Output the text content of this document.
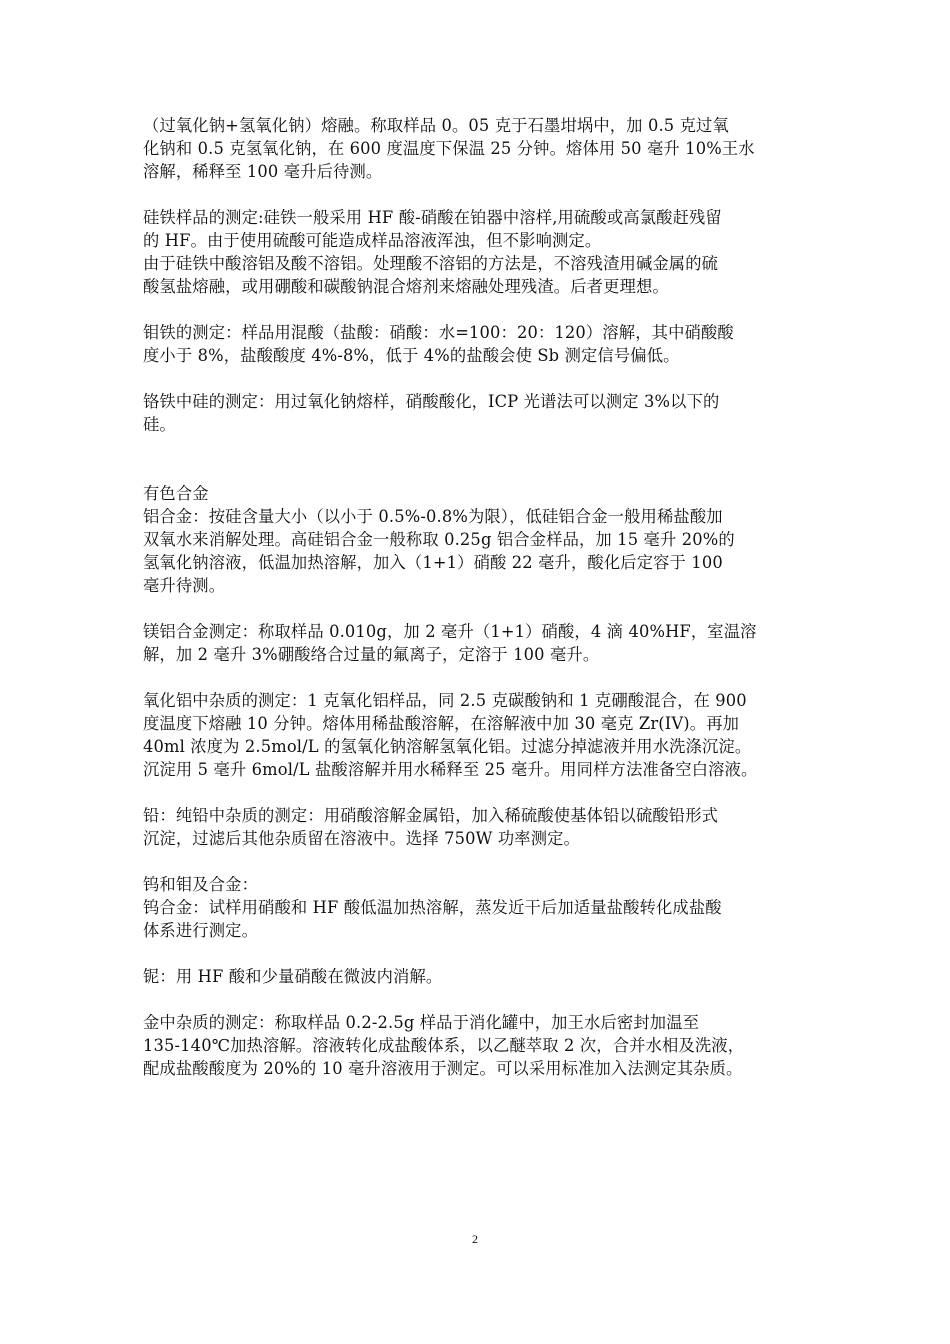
（过氧化钠+氢氧化钠）熔融。称取样品 0。05 克于石墨坩埚中，加 0.5 克过氧
化钠和 0.5 克氢氧化钠，在 600 度温度下保温 25 分钟。熔体用 50 毫升 10%王水
溶解，稀释至 100 毫升后待测。
硅铁样品的测定:硅铁一般采用 HF 酸-硝酸在铂器中溶样,用硫酸或高氯酸赶残留
的 HF。由于使用硫酸可能造成样品溶液浑浊，但不影响测定。
由于硅铁中酸溶铝及酸不溶铝。处理酸不溶铝的方法是，不溶残渣用碱金属的硫
酸氢盐熔融，或用硼酸和碳酸钠混合熔剂来熔融处理残渣。后者更理想。
钼铁的测定：样品用混酸（盐酸：硝酸：水=100：20：120）溶解，其中硝酸酸
度小于 8%，盐酸酸度 4%-8%，低于 4%的盐酸会使 Sb 测定信号偏低。
铬铁中硅的测定：用过氧化钠熔样，硝酸酸化，ICP 光谱法可以测定 3%以下的
硅。
有色合金
铝合金：按硅含量大小（以小于 0.5%-0.8%为限），低硅铝合金一般用稀盐酸加
双氧水来消解处理。高硅铝合金一般称取 0.25g 铝合金样品，加 15 毫升 20%的
氢氧化钠溶液，低温加热溶解，加入（1+1）硝酸 22 毫升，酸化后定容于 100
毫升待测。
镁铝合金测定：称取样品 0.010g，加 2 毫升（1+1）硝酸，4 滴 40%HF，室温溶
解，加 2 毫升 3%硼酸络合过量的氟离子，定溶于 100 毫升。
氧化铝中杂质的测定：1 克氧化铝样品，同 2.5 克碳酸钠和 1 克硼酸混合，在 900
度温度下熔融 10 分钟。熔体用稀盐酸溶解，在溶解液中加 30 毫克 Zr(IV)。再加
40ml 浓度为 2.5mol/L 的氢氧化钠溶解氢氧化铝。过滤分掉滤液并用水洗涤沉淀。
沉淀用 5 毫升 6mol/L 盐酸溶解并用水稀释至 25 毫升。用同样方法准备空白溶液。
铅：纯铅中杂质的测定：用硝酸溶解金属铅，加入稀硫酸使基体铅以硫酸铅形式
沉淀，过滤后其他杂质留在溶液中。选择 750W 功率测定。
钨和钼及合金：
钨合金：试样用硝酸和 HF 酸低温加热溶解，蒸发近干后加适量盐酸转化成盐酸
体系进行测定。
铌：用 HF 酸和少量硝酸在微波内消解。
金中杂质的测定：称取样品 0.2-2.5g 样品于消化罐中，加王水后密封加温至
135-140℃加热溶解。溶液转化成盐酸体系，以乙醚萃取 2 次，合并水相及洗液，
配成盐酸酸度为 20%的 10 毫升溶液用于测定。可以采用标准加入法测定其杂质。
2
